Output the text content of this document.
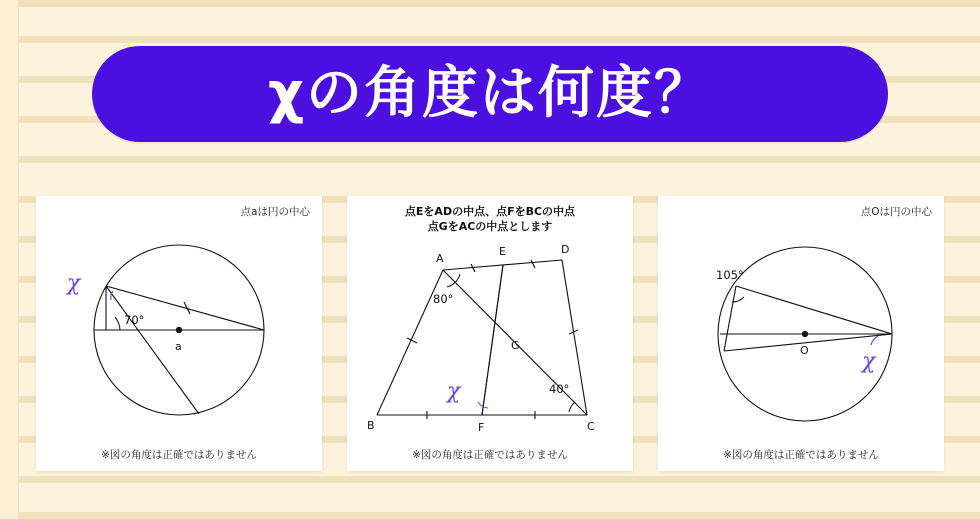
χの角度は何度？
点aは円の中心
70°
a
χ
※図の角度は正確ではありません
点EをADの中点、点FをBCの中点
点GをACの中点とします
80°
40°
χ
A
E	D
G
B	F	C
※図の角度は正確ではありません
点Oは円の中心
105°
χ
O
※図の角度は正確ではありません
